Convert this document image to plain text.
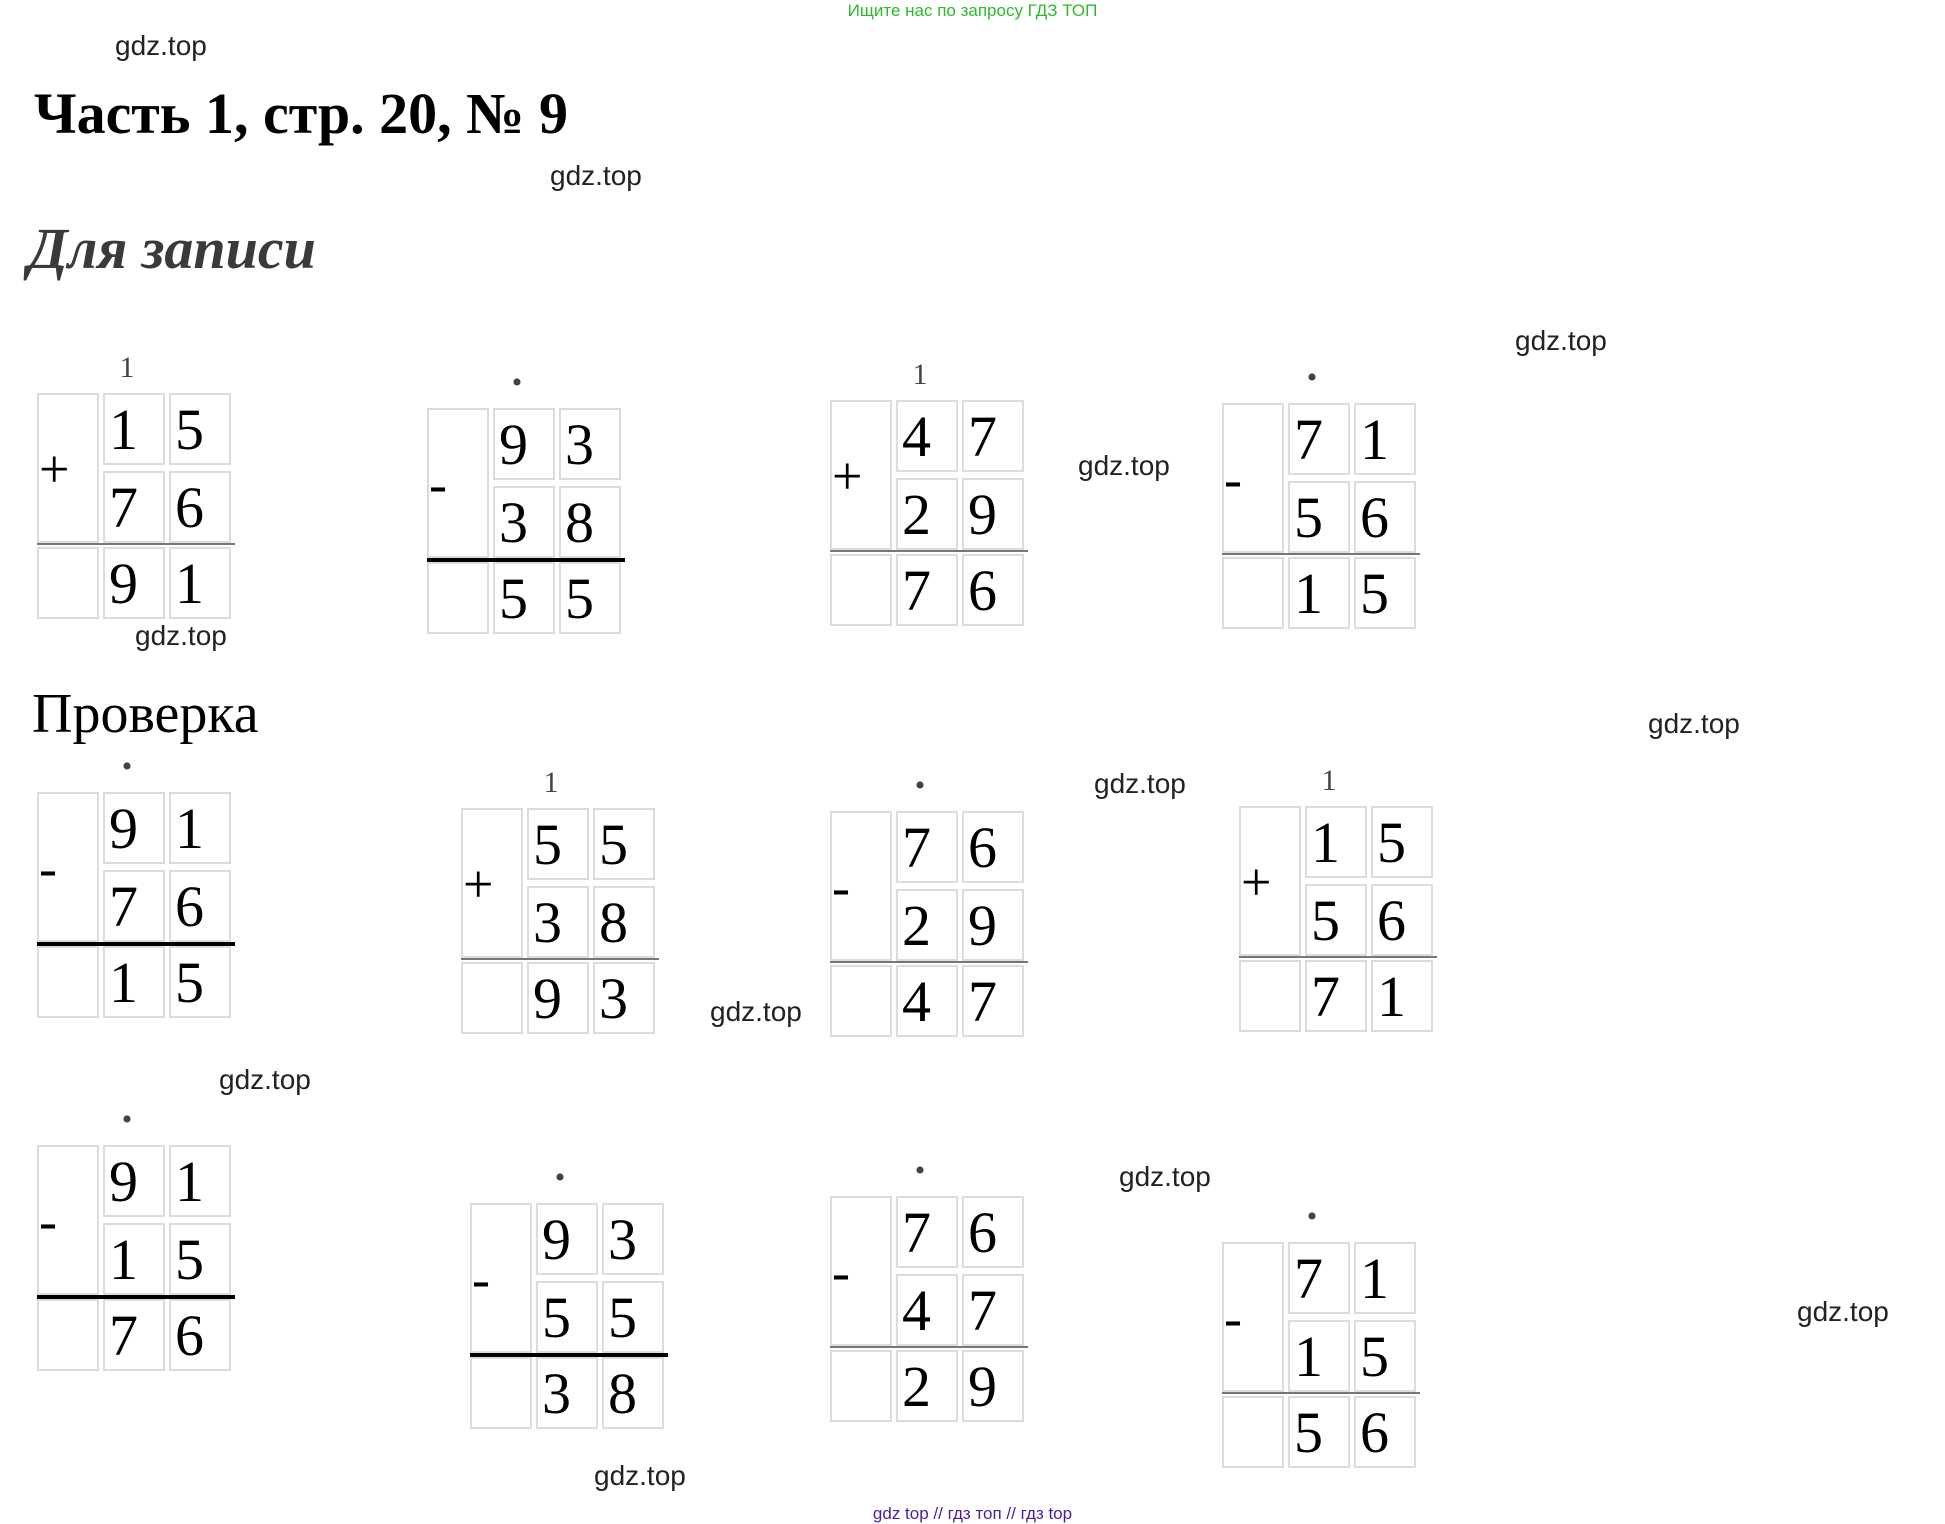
Ищите нас по запросу ГДЗ ТОП
Часть 1, стр. 20, № 9
Для записи
Проверка
gdz.top
gdz.top
gdz.top
gdz.top
gdz.top
gdz.top
gdz.top
gdz.top
gdz.top
gdz.top
gdz.top
gdz.top
+
1
1 5
7 6
9 1
-
•
9 3
3 8
5 5
+
1
4 7
2 9
7 6
-
•
7 1
5 6
1 5
-
•
9 1
7 6
1 5
+
1
5 5
3 8
9 3
-
•
7 6
2 9
4 7
+
1
1 5
5 6
7 1
-
•
9 1
1 5
7 6
-
•
9 3
5 5
3 8
-
•
7 6
4 7
2 9
-
•
7 1
1 5
5 6
gdz top // гдз топ // гдз top
